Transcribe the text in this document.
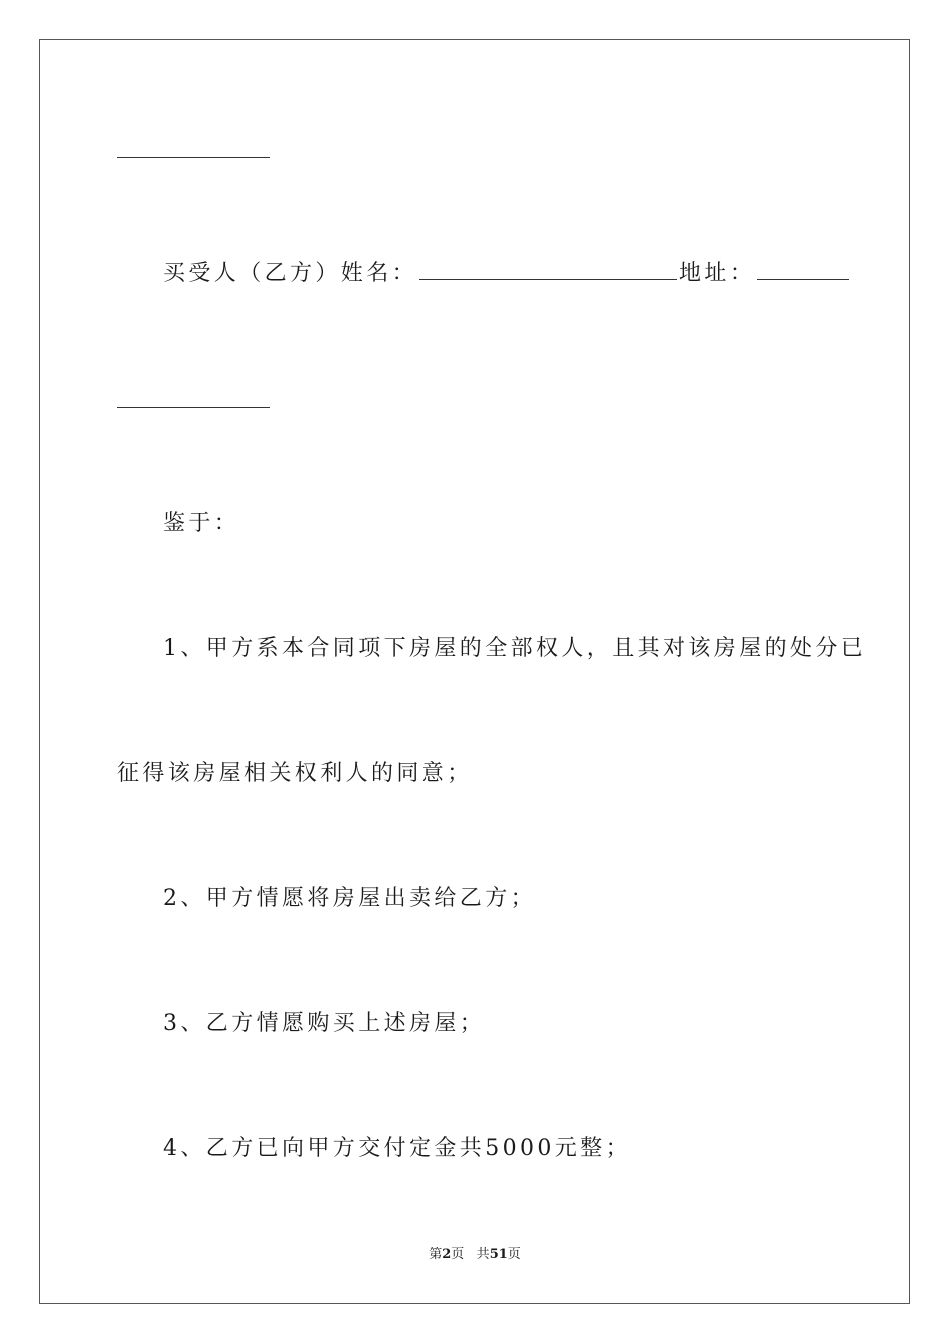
买受人（乙方）姓名：	地址：
鉴于：
1、甲方系本合同项下房屋的全部权人，且其对该房屋的处分已
征得该房屋相关权利人的同意；
2、甲方情愿将房屋出卖给乙方；
3、乙方情愿购买上述房屋；
4、乙方已向甲方交付定金共5000元整；
第2页 共51页
